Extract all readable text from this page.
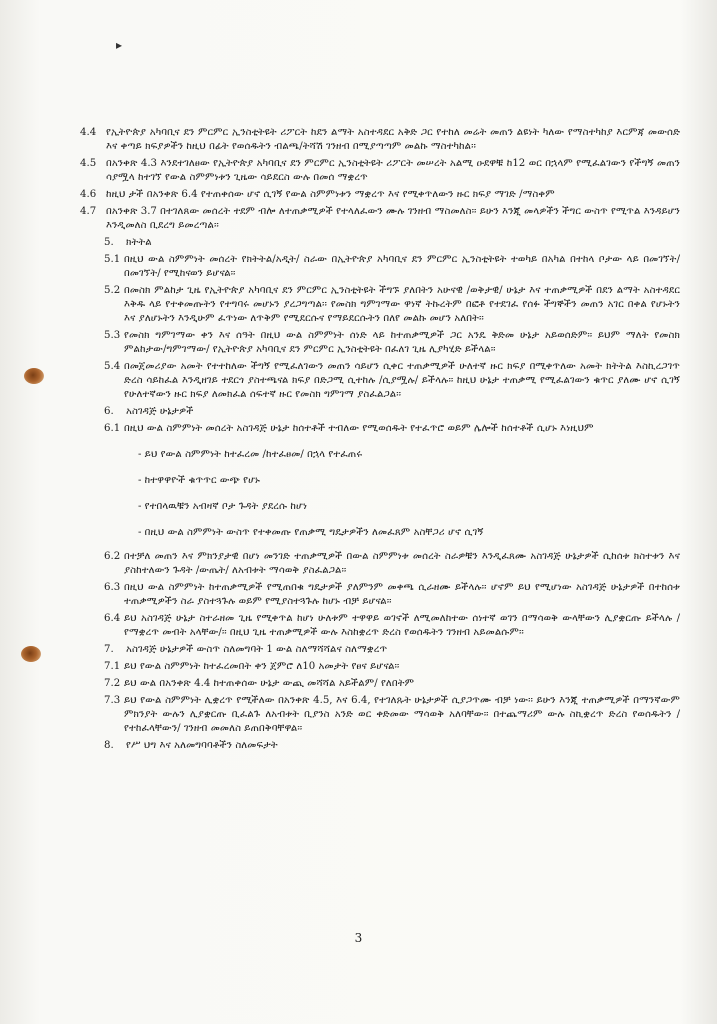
▸
4.4 የኢትዮጵያ አካባቢና ደን ምርምር ኢንስቲትዩት ሪፖርት ከደን ልማት አስተዳደር አቅድ ጋር የተከለ መሬት መጠን ልዩነት ካለው የማስተካከያ እርምጃ መውሰድ እና ቀጣይ ክፍያዎችን ከዚህ በፊት የወሰዱትን ብልጫ/ትሻሽ ገንዘብ በሚያጣጣም መልኩ ማስተካከል፡፡
4.5 በአንቀጽ 4.3 እንደተገለፀው የኢትዮጵያ አካባቢና ደን ምርምር ኢንስቲትዩት ሪፖርት መሠረት አልሚ ዑደዋቹ ከ12 ወር በኋላም የሚፈልገውን የችግኝ መጠን ሳያሟላ ከተገኘ የውል ስምምነቱን ጊዜው ሳይደርስ ውሉ በመሰ ማቋረጥ
4.6 ከዚህ ታች በአንቀጽ 6.4 የተጠቀሰው ሆኖ ሲገኝ የውል ስምምነቱን ማቋረጥ እና የሚቀጥለውን ዙር ክፍያ ማገድ /ማስቀም
4.7 በአንቀጽ 3.7 በተገለጸው መሰረት ተደም ብሎ ለተጠቃሚዎች የተላለፈውን ሙሉ ገንዘብ ማስመለስ፡፡ ይሁን እንጂ መላዎችን ችግር ውስጥ የሚጥል እንዳይሆን እንዲመለስ ቢደረግ ይመረጣል፡፡
5. ክትትል
5.1 በዚህ ውል ስምምነት መሰረት የክትትል/አዲት/ ስራው በኢትዮጵያ አካባቢና ደን ምርምር ኢንስቲትዩት ተወካይ በአካል በተከላ ቦታው ላይ በመገኘት/በመገኘት/ የሚከናወን ይሆናል፡፡
5.2 በመስክ ምልከታ ጊዜ የኢትዮጵያ አካባቢና ደን ምርምር ኢንስቲትዩት ችግኙ ያለበትን አሁናዊ /ወቅታዊ/ ሁኔታ እና ተጠቃሚዎች በደን ልማት አስተዳደር እቅዱ ላይ የተቀመጡትን የተግባሩ መሆኑን ያረጋግጣል፡፡ የመስክ ግምገማው ዋነኛ ትኩረትም በፎቶ የተደገፈ የሰፉ ችግኞችን መጠን አገር በቀል የሆኑትን እና ያለሆኑትን እንዲሁም ፈጥነው ለጥቅም የሚደርሱና የማይደርሱትን በለየ መልኩ መሆን አለበት፡፡
5.3 የመስክ ግምገማው ቀን እና ሰዓት በዚህ ውል ስምምነት ሰነድ ላይ ከተጠቃሚዎች ጋር አንዴ ቅድመ ሁኔታ አይወሰድም፡፡ ይህም ማለት የመስክ ምልከታው/ግምገማው/ የኢትዮጵያ አካባቢና ደን ምርምር ኢንስቲትዩት በፈለገ ጊዜ ሊያካሂድ ይችላል፡፡
5.4 በመጀመሪያው አመት የተተከለው ችግኝ የሚፈለገውን መጠን ሳይሆን ሲቀር ተጠቃሚዎች ሁለተኛ ዙር ክፍያ በሚቀጥለው አመት ክትትል እስኪረጋገጥ ድረስ ሳይከፈል እንዲዘገይ ተደርጎ ያስተጫናል ክፍያ በድጋሚ ሲተከሉ /ሲያሟሉ/ ይችላሉ፡፡ ከዚህ ሁኔታ ተጠቃሚ የሚፈልገውን ቁጥር ያለሙ ሆኖ ሲገኝ የሁለተኛውን ዙር ክፍያ ለመክፈል ሰፍተኛ ዙር የመስክ ግምገማ ያስፈልጋል፡፡
6. አስገዳጅ ሁኔታዎች
6.1 በዚህ ውል ስምምነት መሰረት አስገዳጅ ሁኔታ ከሰተቶች ተብለው የሚወሰዱት የተፈጥሮ ወይም ሌሎች ከሰተቶች ሲሆኑ እነዚህም
- ይህ የውል ስምምነት ከተፈረመ /ከተፈፀመ/ በኋላ የተፈጠሩ
- ከተዋዋዮች ቁጥጥር ውጭ የሆኑ
- የተበላዉቹን አብዛኛ ቦታ ጉዳት ያደረሱ ከሆነ
- በዚህ ውል ስምምነት ውስጥ የተቀመጡ የጠቃሚ ግዴታዎችን ለመፈጸም አስቸጋሪ ሆኖ ሲገኝ
6.2 በተቻለ መጠን እና ምክንያታዊ በሆነ መንገድ ተጠቃሚዎች በውል ስምምነቱ መሰረት ስራዎቹን እንዲፈጸሙ አስገዳጅ ሁኔታዎች ሲከሰቱ ክስተቱን እና ያስከተለውን ጉዳት /ውጤት/ ለአብቱት ማሳወቅ ያስፈልጋል፡፡
6.3 በዚህ ውል ስምምነት ከተጠቃሚዎች የሚጠበቁ ግዴታዎች ያለምንም መቀጫ ሲራዘሙ ይችላሉ፡፡ ሆኖም ይህ የሚሆነው አስገዳጅ ሁኔታዎች በተከሰቱ ተጠቃሚዎችን ስራ ያስተጓጉሉ ወይም የሚያስተጓጉሉ ከሆኑ ብቻ ይሆናል፡፡
6.4 ይህ አስገዳጅ ሁኔታ ስተራዘመ ጊዜ የሚቀጥል ከሆነ ሁለቱም ተዋዋይ ወገኖች ለሚመለከተው ሰነተኛ ወገን በማሳወቅ ውላቸውን ሊያቋርጡ ይችላሉ /የማቋረጥ መብት አላቸው/፡፡ በዚህ ጊዜ ተጠቃሚዎች ውሉ እስከቋረጥ ድረስ የወሰዱትን ገንዘብ አይመልሱም፡፡
7. አስገዳጅ ሁኔታዎች ውስጥ ስለመግባት 1 ውል ስለማሻሻልና ስለማቋረጥ
7.1 ይህ የውል ስምምነት ከተፈረመበት ቀን ጀምሮ ለ10 አመታት የፀና ይሆናል፡፡
7.2 ይህ ውል በአንቀጽ 4.4 ከተጠቀሰው ሁኔታ ውጪ መሻሻል አይችልም/ የለበትም
7.3 ይህ የውል ስምምነት ሊቋረጥ የሚችለው በአንቀጽ 4.5, እና 6.4, የተገለጹት ሁኔታዎች ሲያጋጥሙ ብቻ ነው፡፡ ይሁን እንጂ ተጠቃሚዎች በማንኛውም ምክንያት ውሉን ሊያቋርጡ ቢፈልጉ ለአብቱት ቢያንስ አንድ ወር ቀድመው ማሳወቅ አለባቸው፡፡ በተጨማሪም ውሉ ስኪቋረጥ ድረስ የወሰዱትን /የተከፈላቸውን/ ገንዘብ መመለስ ይጠበቅባቸዋል፡፡
8. የሥ ህግ እና አለመግባባቶችን ስለመፍታት
3
